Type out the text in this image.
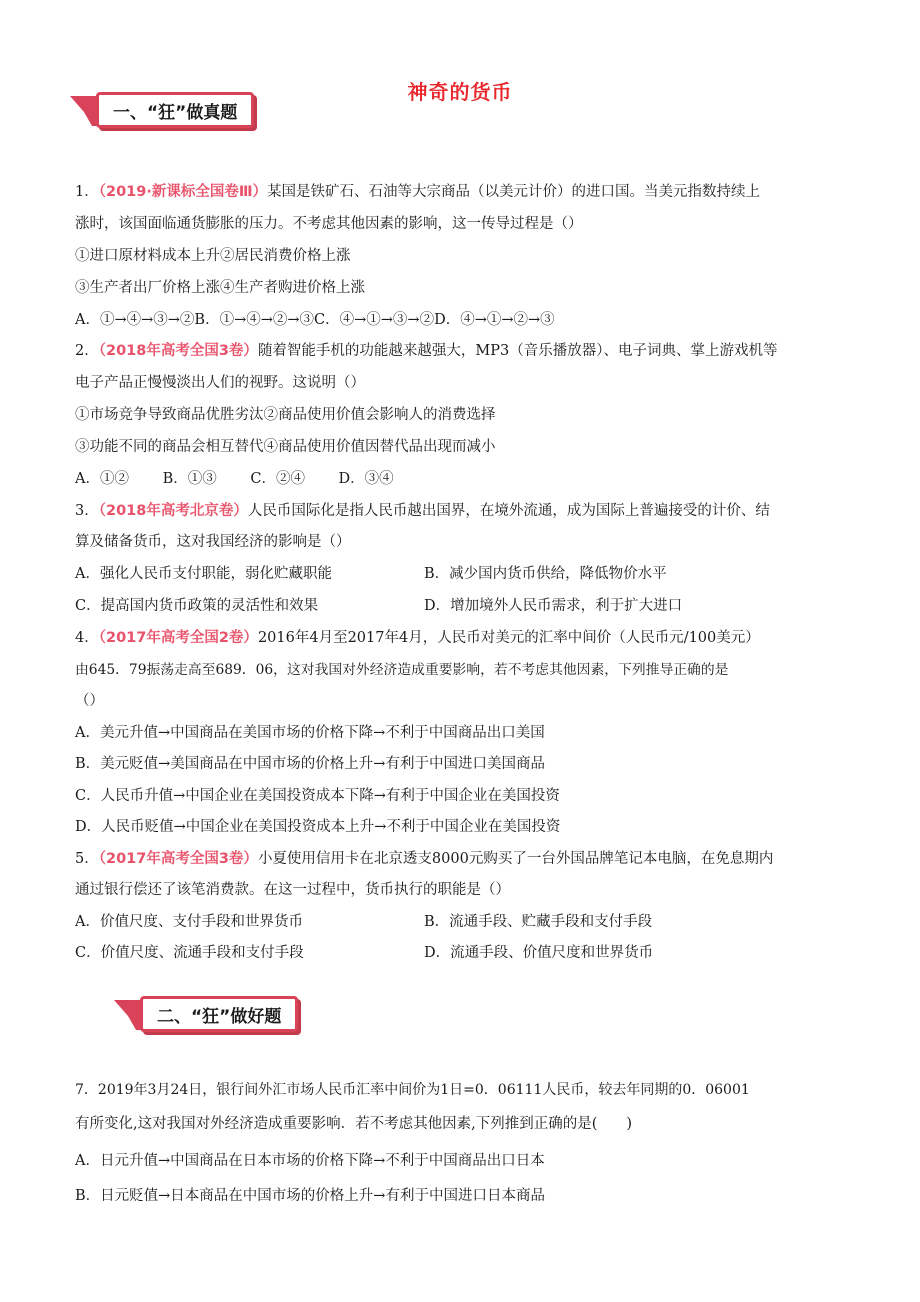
神奇的货币
一、“狂”做真题
1．（2019·新课标全国卷Ⅲ）某国是铁矿石、石油等大宗商品（以美元计价）的进口国。当美元指数持续上
涨时，该国面临通货膨胀的压力。不考虑其他因素的影响，这一传导过程是（）
①进口原材料成本上升②居民消费价格上涨
③生产者出厂价格上涨④生产者购进价格上涨
A．①→④→③→②B．①→④→②→③C．④→①→③→②D．④→①→②→③
2．（2018年高考全国3卷）随着智能手机的功能越来越强大，MP3（音乐播放器）、电子词典、掌上游戏机等
电子产品正慢慢淡出人们的视野。这说明（）
①市场竞争导致商品优胜劣汰②商品使用价值会影响人的消费选择
③功能不同的商品会相互替代④商品使用价值因替代品出现而减小
A．①②　　 B．①③　　 C．②④　　 D．③④
3．（2018年高考北京卷）人民币国际化是指人民币越出国界，在境外流通，成为国际上普遍接受的计价、结
算及储备货币，这对我国经济的影响是（）
A．强化人民币支付职能，弱化贮藏职能	B．减少国内货币供给，降低物价水平
C．提高国内货币政策的灵活性和效果	D．增加境外人民币需求，利于扩大进口
4．（2017年高考全国2卷）2016年4月至2017年4月，人民币对美元的汇率中间价（人民币元/100美元）
由645．79振荡走高至689．06，这对我国对外经济造成重要影响，若不考虑其他因素，下列推导正确的是
（）
A．美元升值→中国商品在美国市场的价格下降→不利于中国商品出口美国
B．美元贬值→美国商品在中国市场的价格上升→有利于中国进口美国商品
C．人民币升值→中国企业在美国投资成本下降→有利于中国企业在美国投资
D．人民币贬值→中国企业在美国投资成本上升→不利于中国企业在美国投资
5．（2017年高考全国3卷）小夏使用信用卡在北京透支8000元购买了一台外国品牌笔记本电脑，在免息期内
通过银行偿还了该笔消费款。在这一过程中，货币执行的职能是（）
A．价值尺度、支付手段和世界货币	B．流通手段、贮藏手段和支付手段
C．价值尺度、流通手段和支付手段	D．流通手段、价值尺度和世界货币
二、“狂”做好题
7．2019年3月24日，银行间外汇市场人民币汇率中间价为1日=0．06111人民币，较去年同期的0．06001
有所变化,这对我国对外经济造成重要影响．若不考虑其他因素,下列推到正确的是(　　)
A．日元升值→中国商品在日本市场的价格下降→不利于中国商品出口日本
B．日元贬值→日本商品在中国市场的价格上升→有利于中国进口日本商品
